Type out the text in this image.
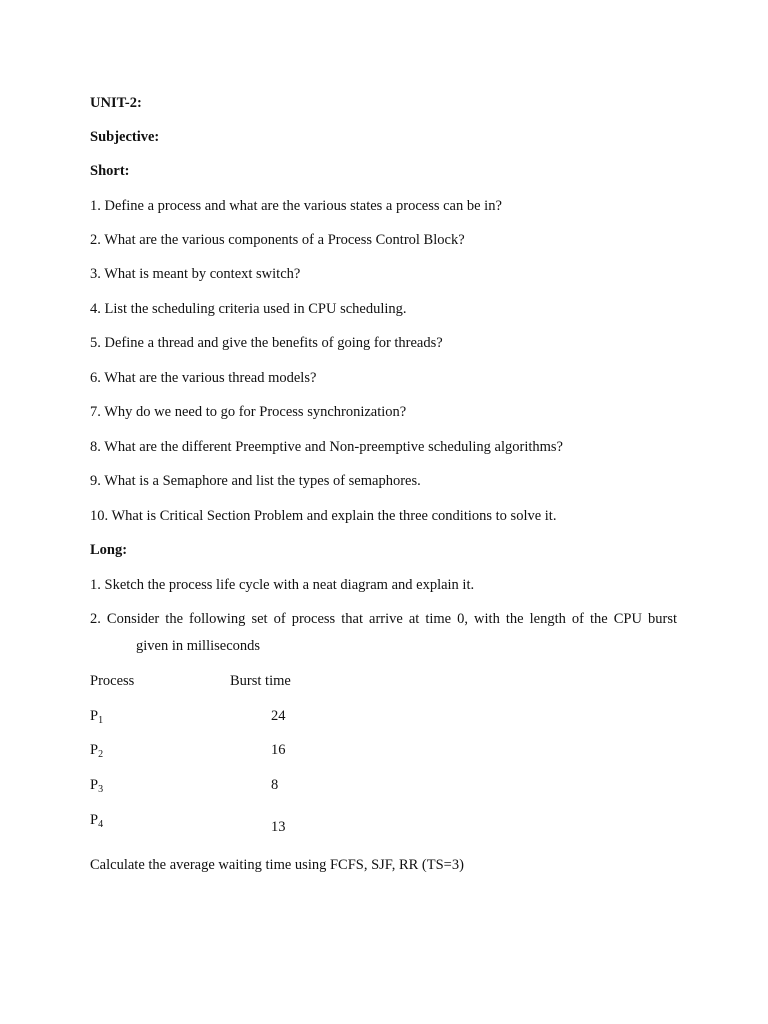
UNIT-2:
Subjective:
Short:
1. Define a process and what are the various states a process can be in?
2. What are the various components of a Process Control Block?
3. What is meant by context switch?
4. List the scheduling criteria used in CPU scheduling.
5. Define a thread and give the benefits of going for threads?
6. What are the various thread models?
7. Why do we need to go for Process synchronization?
8. What are the different Preemptive and Non-preemptive scheduling algorithms?
9. What is a Semaphore and list the types of semaphores.
10. What is Critical Section Problem and explain the three conditions to solve it.
Long:
1. Sketch the process life cycle with a neat diagram and explain it.
2. Consider the following set of process that arrive at time 0, with the length of the CPU burst
given in milliseconds
Process	Burst time
$P_1$	24
$P_2$	16
$P_3$	8
$P_4$	13
Calculate the average waiting time using FCFS, SJF, RR (TS=3)
